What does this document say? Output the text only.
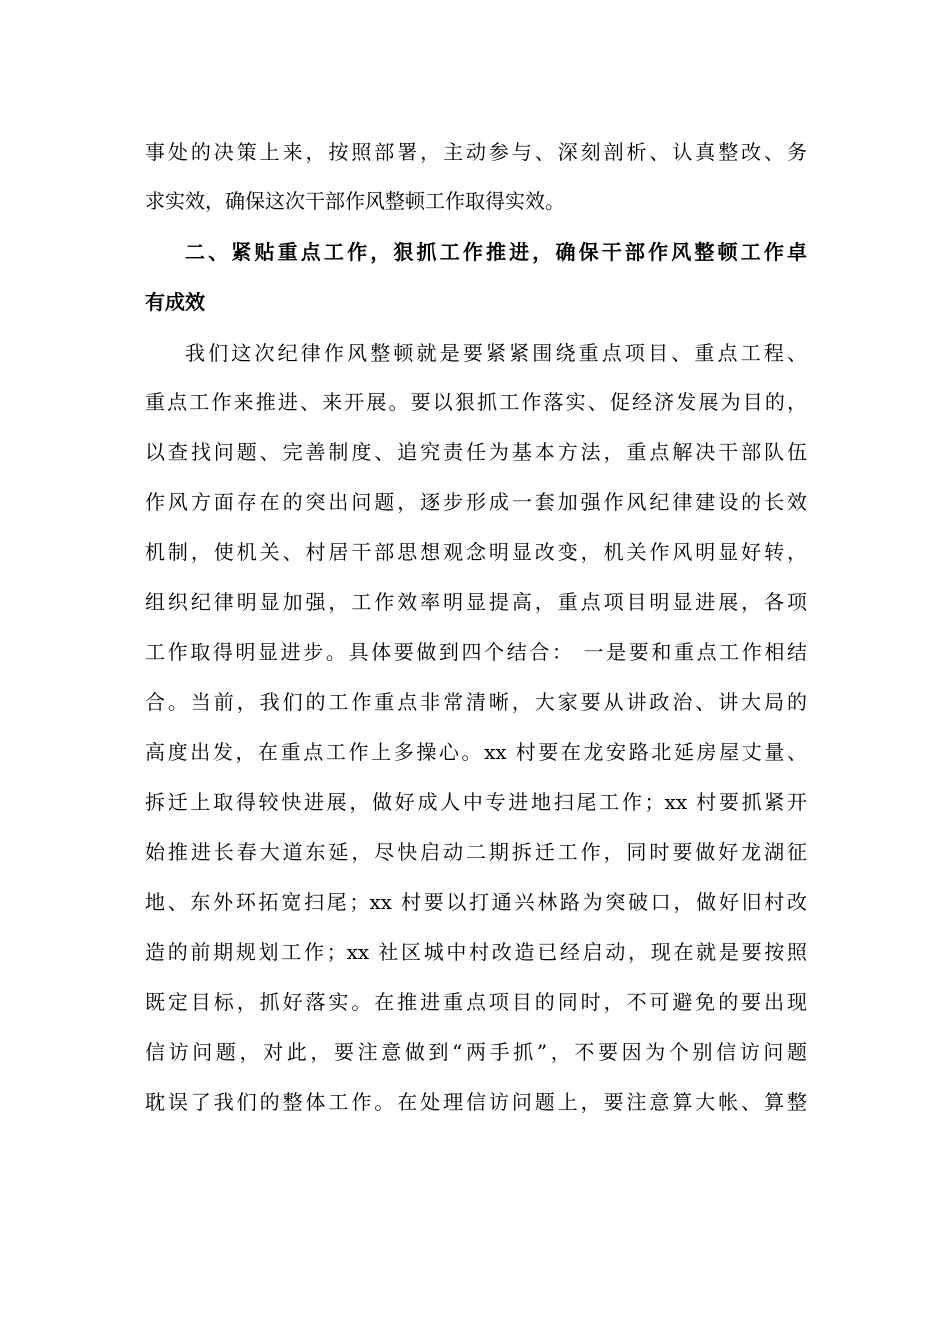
事处的决策上来，按照部署，主动参与、深刻剖析、认真整改、务
求实效，确保这次干部作风整顿工作取得实效。
二、紧贴重点工作，狠抓工作推进，确保干部作风整顿工作卓
有成效
我们这次纪律作风整顿就是要紧紧围绕重点项目、重点工程、
重点工作来推进、来开展。要以狠抓工作落实、促经济发展为目的，
以查找问题、完善制度、追究责任为基本方法，重点解决干部队伍
作风方面存在的突出问题，逐步形成一套加强作风纪律建设的长效
机制，使机关、村居干部思想观念明显改变，机关作风明显好转，
组织纪律明显加强，工作效率明显提高，重点项目明显进展，各项
工作取得明显进步。具体要做到四个结合： 一是要和重点工作相结
合。当前，我们的工作重点非常清晰，大家要从讲政治、讲大局的
高度出发，在重点工作上多操心。xx 村要在龙安路北延房屋丈量、
拆迁上取得较快进展，做好成人中专进地扫尾工作；xx 村要抓紧开
始推进长春大道东延，尽快启动二期拆迁工作，同时要做好龙湖征
地、东外环拓宽扫尾；xx 村要以打通兴林路为突破口，做好旧村改
造的前期规划工作；xx 社区城中村改造已经启动，现在就是要按照
既定目标，抓好落实。在推进重点项目的同时，不可避免的要出现
信访问题，对此，要注意做到“两手抓”，不要因为个别信访问题
耽误了我们的整体工作。在处理信访问题上，要注意算大帐、算整
